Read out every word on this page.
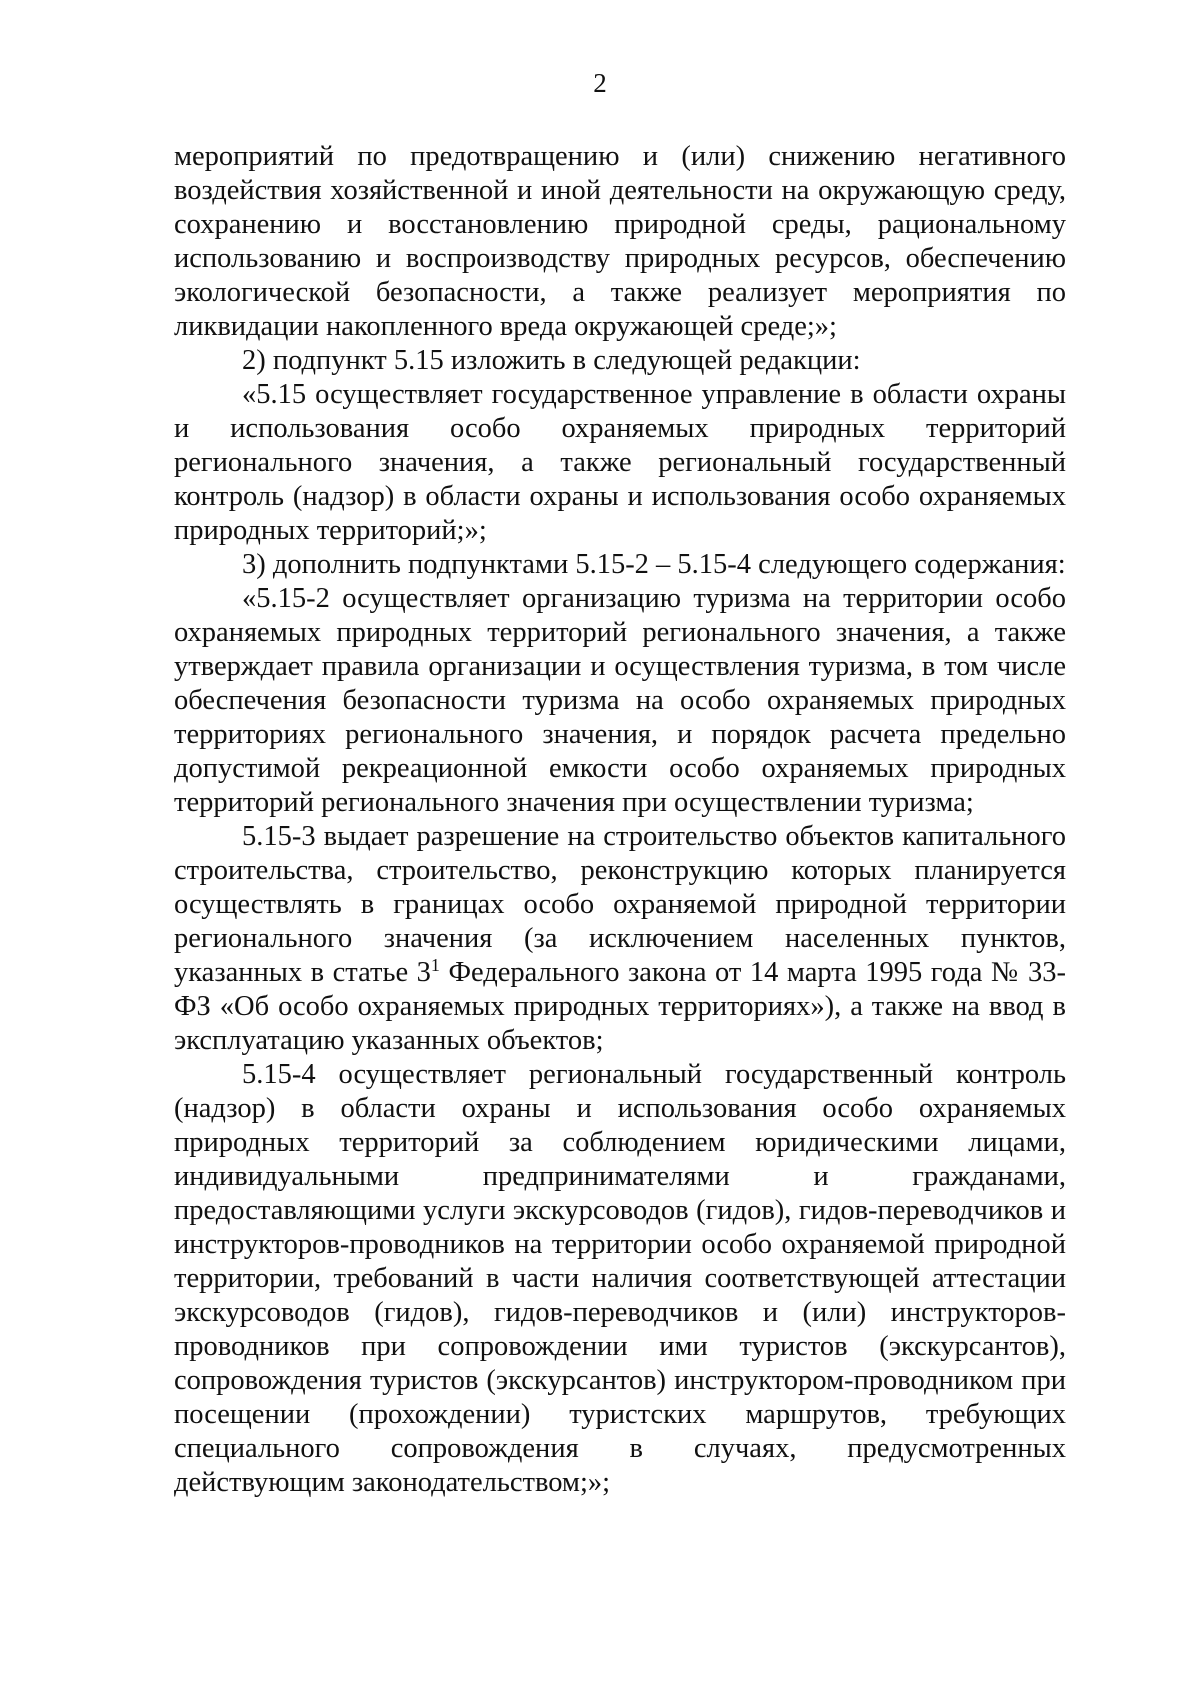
2

мероприятий по предотвращению и (или) снижению негативного воздействия хозяйственной и иной деятельности на окружающую среду, сохранению и восстановлению природной среды, рациональному использованию и воспроизводству природных ресурсов, обеспечению экологической безопасности, а также реализует мероприятия по ликвидации накопленного вреда окружающей среде;»;

2) подпункт 5.15 изложить в следующей редакции:

«5.15 осуществляет государственное управление в области охраны и использования особо охраняемых природных территорий регионального значения, а также региональный государственный контроль (надзор) в области охраны и использования особо охраняемых природных территорий;»;

3) дополнить подпунктами 5.15-2 – 5.15-4 следующего содержания:

«5.15-2 осуществляет организацию туризма на территории особо охраняемых природных территорий регионального значения, а также утверждает правила организации и осуществления туризма, в том числе обеспечения безопасности туризма на особо охраняемых природных территориях регионального значения, и порядок расчета предельно допустимой рекреационной емкости особо охраняемых природных территорий регионального значения при осуществлении туризма;

5.15-3 выдает разрешение на строительство объектов капитального строительства, строительство, реконструкцию которых планируется осуществлять в границах особо охраняемой природной территории регионального значения (за исключением населенных пунктов, указанных в статье $3^1$ Федерального закона от 14 марта 1995 года № 33-ФЗ «Об особо охраняемых природных территориях»), а также на ввод в эксплуатацию указанных объектов;

5.15-4 осуществляет региональный государственный контроль (надзор) в области охраны и использования особо охраняемых природных территорий за соблюдением юридическими лицами, индивидуальными предпринимателями и гражданами, предоставляющими услуги экскурсоводов (гидов), гидов-переводчиков и инструкторов-проводников на территории особо охраняемой природной территории, требований в части наличия соответствующей аттестации экскурсоводов (гидов), гидов-переводчиков и (или) инструкторов-проводников при сопровождении ими туристов (экскурсантов), сопровождения туристов (экскурсантов) инструктором-проводником при посещении (прохождении) туристских маршрутов, требующих специального сопровождения в случаях, предусмотренных действующим законодательством;»;
